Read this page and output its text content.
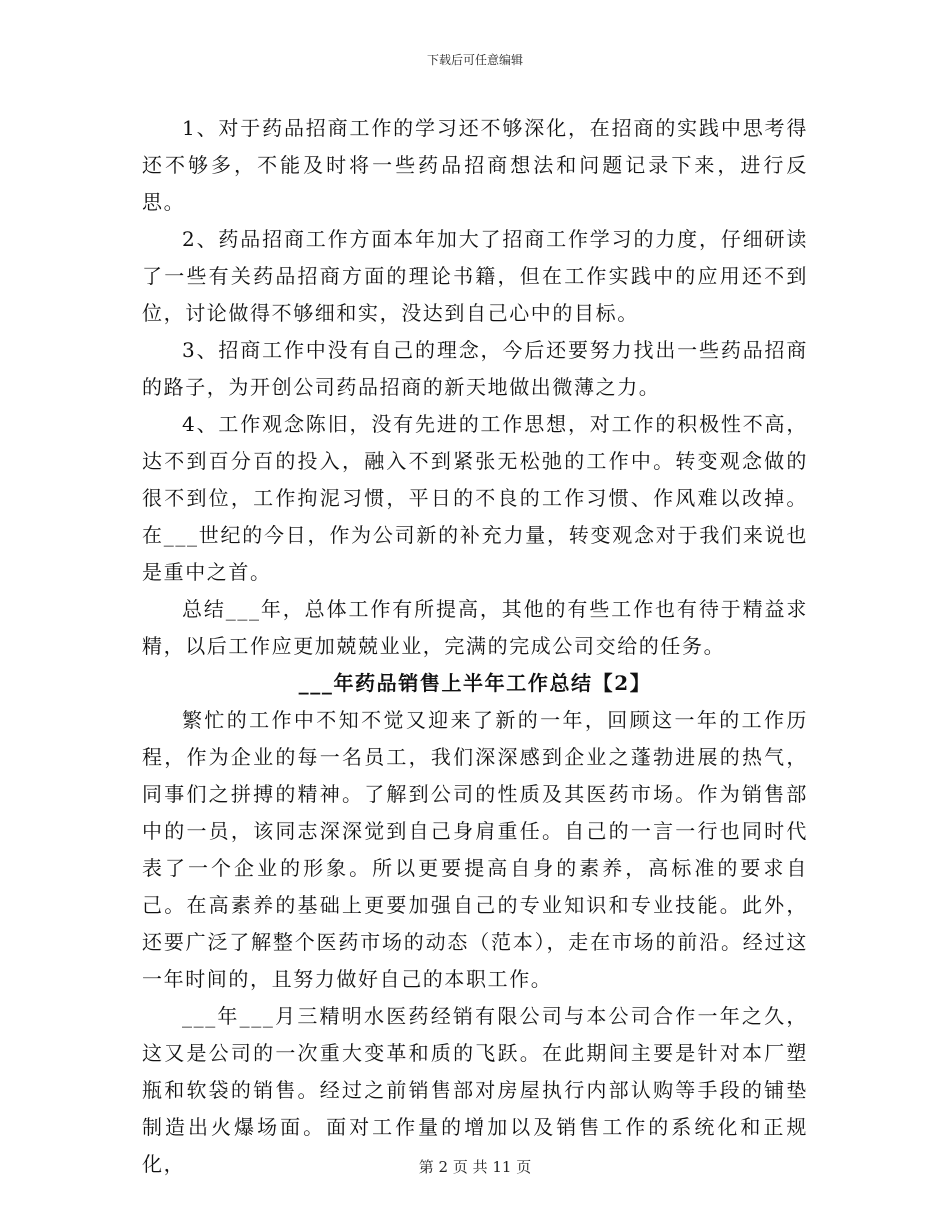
下载后可任意编辑

1、对于药品招商工作的学习还不够深化，在招商的实践中思考得还不够多，不能及时将一些药品招商想法和问题记录下来，进行反思。

2、药品招商工作方面本年加大了招商工作学习的力度，仔细研读了一些有关药品招商方面的理论书籍，但在工作实践中的应用还不到位，讨论做得不够细和实，没达到自己心中的目标。

3、招商工作中没有自己的理念，今后还要努力找出一些药品招商的路子，为开创公司药品招商的新天地做出微薄之力。

4、工作观念陈旧，没有先进的工作思想，对工作的积极性不高，达不到百分百的投入，融入不到紧张无松弛的工作中。转变观念做的很不到位，工作拘泥习惯，平日的不良的工作习惯、作风难以改掉。在___世纪的今日，作为公司新的补充力量，转变观念对于我们来说也是重中之首。

总结___年，总体工作有所提高，其他的有些工作也有待于精益求精，以后工作应更加兢兢业业，完满的完成公司交给的任务。

___年药品销售上半年工作总结【2】

繁忙的工作中不知不觉又迎来了新的一年，回顾这一年的工作历程，作为企业的每一名员工，我们深深感到企业之蓬勃进展的热气，同事们之拼搏的精神。了解到公司的性质及其医药市场。作为销售部中的一员，该同志深深觉到自己身肩重任。自己的一言一行也同时代表了一个企业的形象。所以更要提高自身的素养，高标准的要求自己。在高素养的基础上更要加强自己的专业知识和专业技能。此外，还要广泛了解整个医药市场的动态（范本），走在市场的前沿。经过这一年时间的，且努力做好自己的本职工作。

___年___月三精明水医药经销有限公司与本公司合作一年之久，这又是公司的一次重大变革和质的飞跃。在此期间主要是针对本厂塑瓶和软袋的销售。经过之前销售部对房屋执行内部认购等手段的铺垫制造出火爆场面。面对工作量的增加以及销售工作的系统化和正规化，	第 2 页 共 11 页
